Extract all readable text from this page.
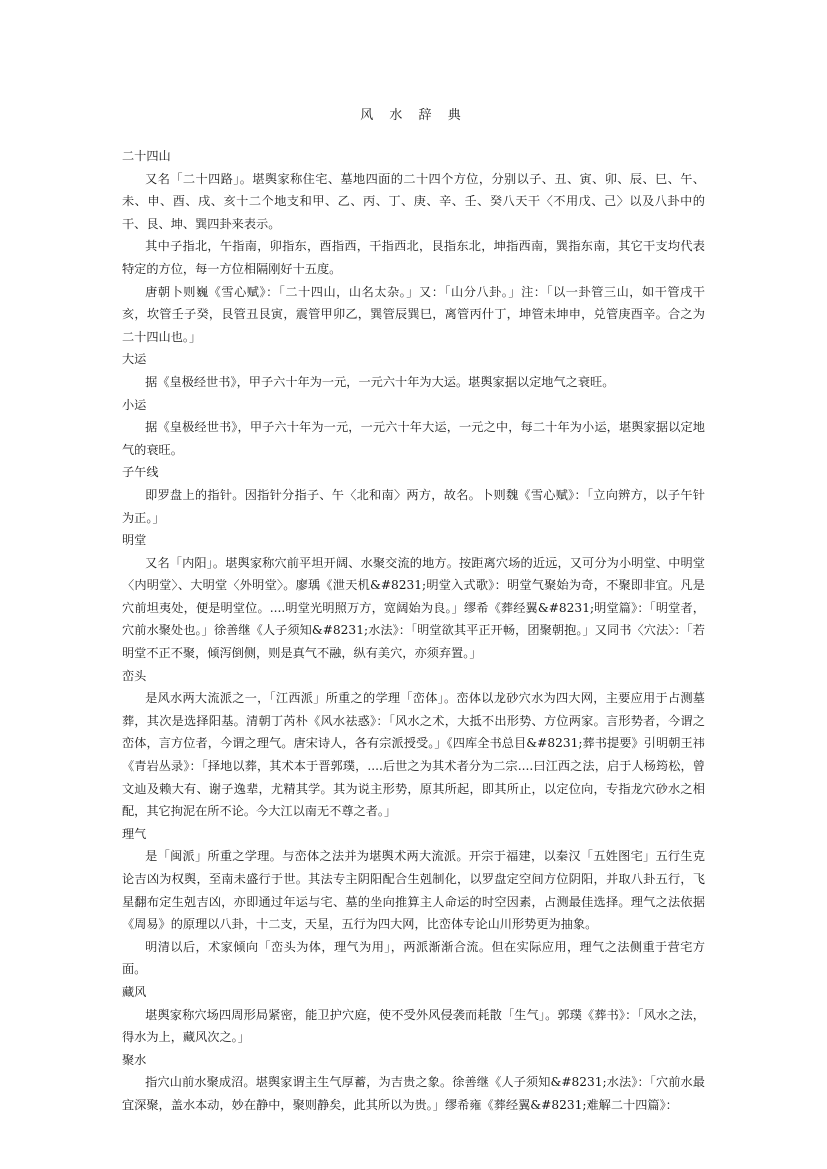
风 水 辞 典

二十四山

又名「二十四路」。堪舆家称住宅、墓地四面的二十四个方位，分别以子、丑、寅、卯、辰、巳、午、未、申、酉、戌、亥十二个地支和甲、乙、丙、丁、庚、辛、壬、癸八天干〈不用戊、己〉以及八卦中的干、艮、坤、巽四卦来表示。

其中子指北，午指南，卯指东，酉指西，干指西北，艮指东北，坤指西南，巽指东南，其它干支均代表特定的方位，每一方位相隔刚好十五度。

唐朝卜则巍《雪心赋》：「二十四山，山名太杂。」又：「山分八卦。」注：「以一卦管三山，如干管戌干亥，坎管壬子癸，艮管丑艮寅，震管甲卯乙，巽管辰巽巳，离管丙什丁，坤管未坤申，兑管庚酉辛。合之为二十四山也。」

大运

据《皇极经世书》，甲子六十年为一元，一元六十年为大运。堪舆家据以定地气之衰旺。

小运

据《皇极经世书》，甲子六十年为一元，一元六十年大运，一元之中，每二十年为小运，堪舆家据以定地气的衰旺。

子午线

即罗盘上的指针。因指针分指子、午〈北和南〉两方，故名。卜则魏《雪心赋》：「立向辨方，以子午针为正。」

明堂

又名「内阳」。堪舆家称穴前平坦开阔、水聚交流的地方。按距离穴场的近远，又可分为小明堂、中明堂〈内明堂〉、大明堂〈外明堂〉。廖瑀《泄天机&#8231;明堂入式歌》：明堂气聚始为奇，不聚即非宜。凡是穴前坦夷处，便是明堂位。....明堂光明照万方，宽阔始为良。」缪希《葬经翼&#8231;明堂篇》：「明堂者，穴前水聚处也。」徐善继《人子须知&#8231;水法》：「明堂欲其平正开畅，团聚朝抱。」又同书〈穴法〉：「若明堂不正不聚，倾泻倒侧，则是真气不融，纵有美穴，亦须弃置。」

峦头

是风水两大流派之一，「江西派」所重之的学理「峦体」。峦体以龙砂穴水为四大网，主要应用于占测墓葬，其次是选择阳基。清朝丁芮朴《风水祛惑》：「风水之术，大抵不出形势、方位两家。言形势者，今谓之峦体，言方位者，今谓之理气。唐宋诗人，各有宗派授受。」《四库全书总目&#8231;葬书提要》引明朝王祎《青岩丛录》：「择地以葬，其术本于晋郭璞，....后世之为其术者分为二宗....曰江西之法，启于人杨筠松，曾文辿及赖大有、谢子逸辈，尤精其学。其为说主形势，原其所起，即其所止，以定位向，专指龙穴砂水之相配，其它拘泥在所不论。今大江以南无不尊之者。」

理气

是「闽派」所重之学理。与峦体之法并为堪舆术两大流派。开宗于福建，以秦汉「五姓图宅」五行生克论吉凶为权舆，至南未盛行于世。其法专主阴阳配合生剋制化，以罗盘定空间方位阴阳，并取八卦五行，飞星翻布定生剋吉凶，亦即通过年运与宅、墓的坐向推算主人命运的时空因素，占测最佳选择。理气之法依据《周易》的原理以八卦，十二支，天星，五行为四大网，比峦体专论山川形势更为抽象。

明清以后，术家倾向「峦头为体，理气为用」，两派渐渐合流。但在实际应用，理气之法侧重于营宅方面。

藏风

堪舆家称穴场四周形局紧密，能卫护穴庭，使不受外风侵袭而耗散「生气」。郭璞《葬书》：「风水之法，得水为上，藏风次之。」

聚水

指穴山前水聚成沼。堪舆家谓主生气厚蓄，为吉贵之象。徐善继《人子须知&#8231;水法》：「穴前水最宜深聚，盖水本动，妙在静中，聚则静矣，此其所以为贵。」缪希雍《葬经翼&#8231;难解二十四篇》：
